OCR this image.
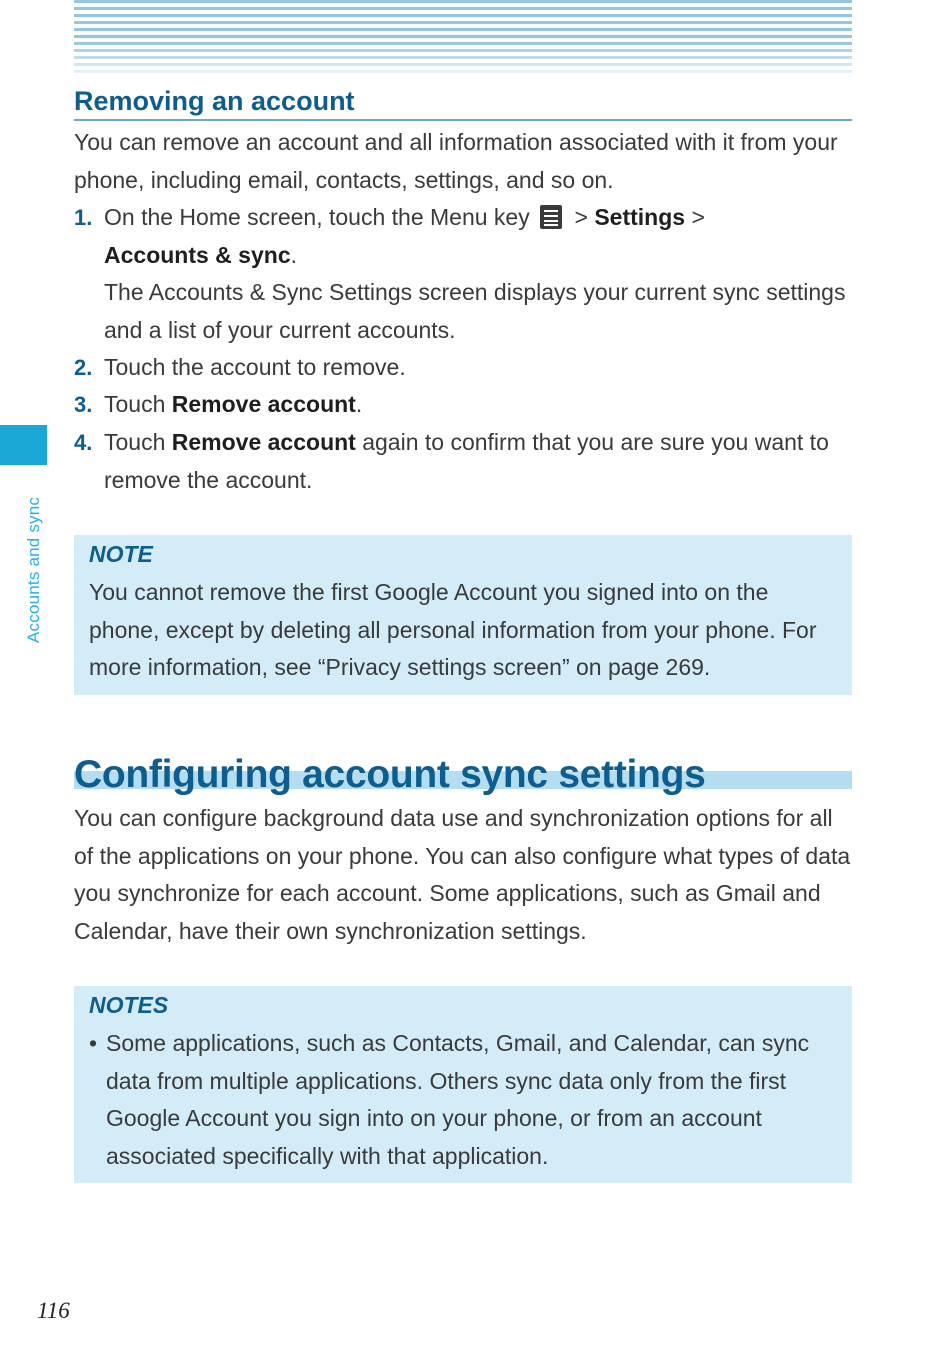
Accounts and sync
Removing an account

You can remove an account and all information associated with it from your phone, including email, contacts, settings, and so on.

1. On the Home screen, touch the Menu key
> Settings >
Accounts & sync.
The Accounts & Sync Settings screen displays your current sync settings and a list of your current accounts.
2. Touch the account to remove.
3. Touch Remove account.
4. Touch Remove account again to confirm that you are sure you want to remove the account.
NOTE

You cannot remove the first Google Account you signed into on the phone, except by deleting all personal information from your phone. For more information, see “Privacy settings screen” on page 269.

Configuring account sync settings

You can configure background data use and synchronization options for all of the applications on your phone. You can also configure what types of data you synchronize for each account. Some applications, such as Gmail and Calendar, have their own synchronization settings.

NOTES
• Some applications, such as Contacts, Gmail, and Calendar, can sync data from multiple applications. Others sync data only from the first Google Account you sign into on your phone, or from an account associated specifically with that application.
116
